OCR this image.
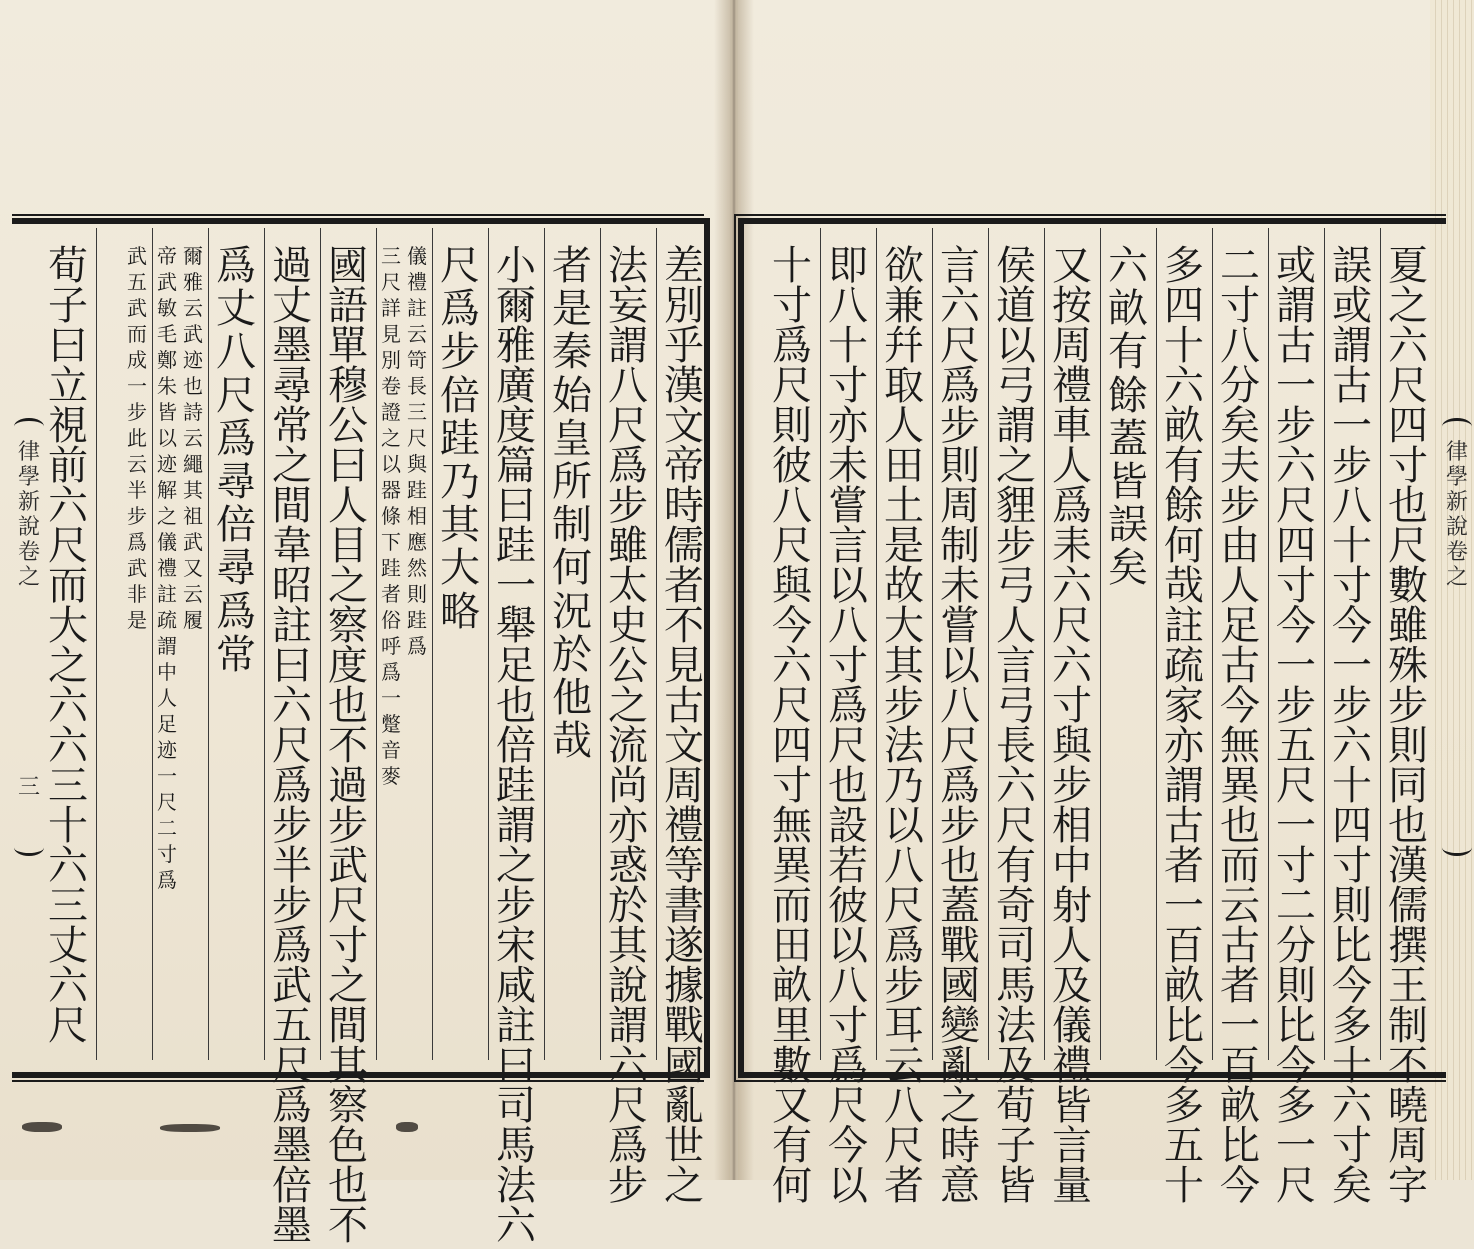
律
學
新
說
卷
之
律
學
新
說
卷
之
三
夏
之
六
尺
四
寸
也
尺
數
雖
殊
步
則
同
也
漢
儒
撰
王
制
不
曉
周
字
誤
或
謂
古
一
步
八
十
寸
今
一
步
六
十
四
寸
則
比
今
多
十
六
寸
矣
或
謂
古
一
步
六
尺
四
寸
今
一
步
五
尺
一
寸
二
分
則
比
今
多
一
尺
二
寸
八
分
矣
夫
步
由
人
足
古
今
無
異
也
而
云
古
者
一
百
畝
比
今
多
四
十
六
畝
有
餘
何
哉
註
疏
家
亦
謂
古
者
一
百
畝
比
今
多
五
十
六
畝
有
餘
蓋
皆
誤
矣
又
按
周
禮
車
人
爲
耒
六
尺
六
寸
與
步
相
中
射
人
及
儀
禮
皆
言
量
侯
道
以
弓
謂
之
貍
步
弓
人
言
弓
長
六
尺
有
奇
司
馬
法
及
荀
子
皆
言
六
尺
爲
步
則
周
制
未
嘗
以
八
尺
爲
步
也
蓋
戰
國
變
亂
之
時
意
欲
兼
幷
取
人
田
土
是
故
大
其
步
法
乃
以
八
尺
爲
步
耳
云
八
尺
者
即
八
十
寸
亦
未
嘗
言
以
八
寸
爲
尺
也
設
若
彼
以
八
寸
爲
尺
今
以
十
寸
爲
尺
則
彼
八
尺
與
今
六
尺
四
寸
無
異
而
田
畝
里
數
又
有
何
差
別
乎
漢
文
帝
時
儒
者
不
見
古
文
周
禮
等
書
遂
據
戰
國
亂
世
之
法
妄
謂
八
尺
爲
步
雖
太
史
公
之
流
尚
亦
惑
於
其
說
謂
六
尺
爲
步
者
是
秦
始
皇
所
制
何
況
於
他
哉
小
爾
雅
廣
度
篇
曰
跬
一
舉
足
也
倍
跬
謂
之
步
宋
咸
註
曰
司
馬
法
六
尺
爲
步
倍
跬
乃
其
大
略
儀
禮
註
云
笴
長
三
尺
與
跬
相
應
然
則
跬
爲
三
尺
詳
見
別
卷
證
之
以
器
條
下
跬
者
俗
呼
爲
一
蹩
音
麥
國
語
單
穆
公
曰
人
目
之
察
度
也
不
過
步
武
尺
寸
之
間
其
察
色
也
不
過
丈
墨
尋
常
之
間
韋
昭
註
曰
六
尺
爲
步
半
步
爲
武
五
尺
爲
墨
倍
墨
爲
丈
八
尺
爲
尋
倍
尋
爲
常
爾
雅
云
武
迹
也
詩
云
繩
其
祖
武
又
云
履
帝
武
敏
毛
鄭
朱
皆
以
迹
解
之
儀
禮
註
疏
謂
中
人
足
迹
一
尺
二
寸
爲
武
五
武
而
成
一
步
此
云
半
步
爲
武
非
是
荀
子
曰
立
視
前
六
尺
而
大
之
六
六
三
十
六
三
丈
六
尺
